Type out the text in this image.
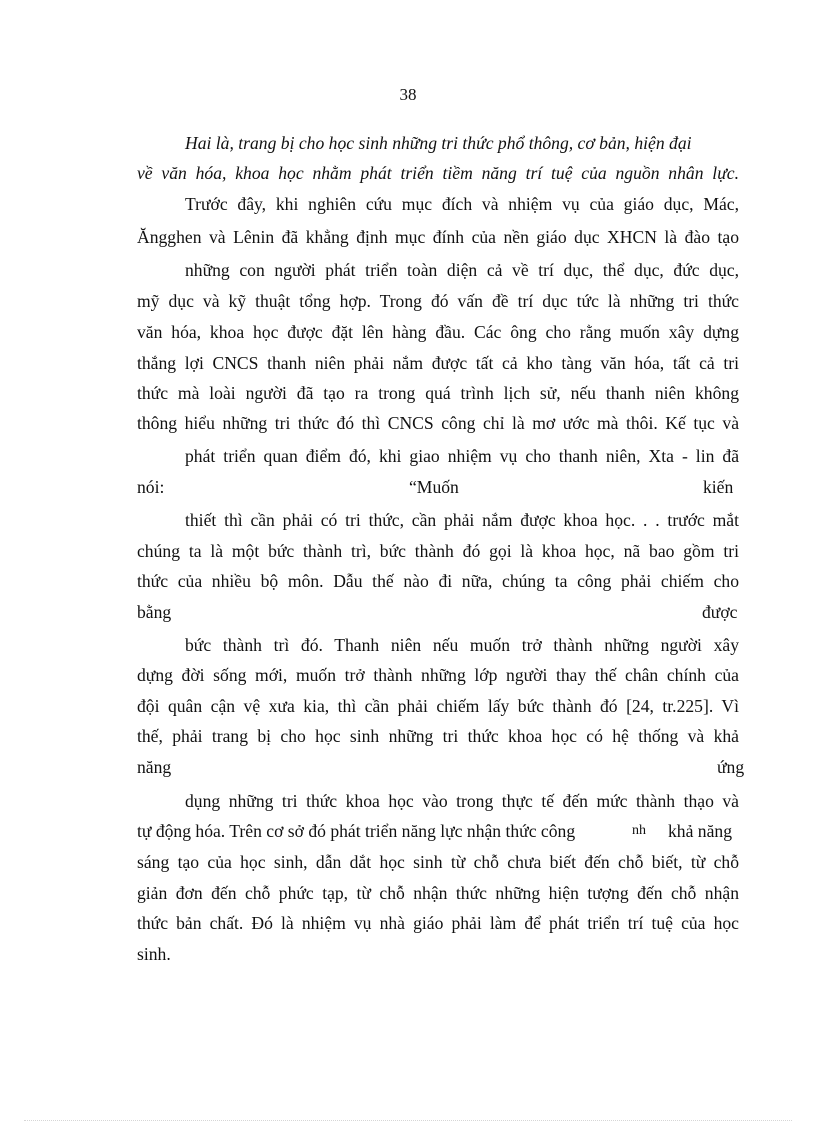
38

Hai là, trang bị cho học sinh những tri thức phổ thông, cơ bản, hiện đại

về văn hóa, khoa học nhằm phát triển tiềm năng trí tuệ của nguồn nhân lực.

Trước đây, khi nghiên cứu mục đích và nhiệm vụ của giáo dục, Mác,

Ăngghen và Lênin đã khẳng định mục đính của nền giáo dục XHCN là đào tạo

những con người phát triển toàn diện cả về trí dục, thể dục, đức dục,

mỹ dục và kỹ thuật tổng hợp. Trong đó vấn đề trí dục tức là những tri thức

văn hóa, khoa học được đặt lên hàng đầu. Các ông cho rằng muốn xây dựng

thắng lợi CNCS thanh niên phải nắm được tất cả kho tàng văn hóa, tất cả tri

thức mà loài người đã tạo ra trong quá trình lịch sử, nếu thanh niên không

thông hiểu những tri thức đó thì CNCS công chỉ là mơ ước mà thôi. Kế tục và

phát triển quan điểm đó, khi giao nhiệm vụ cho thanh niên, Xta - lin đã

nói:	“Muốn	kiến

thiết thì cần phải có tri thức, cần phải nắm được khoa học. . . trước mắt

chúng ta là một bức thành trì, bức thành đó gọi là khoa học, nã bao gồm tri

thức của nhiều bộ môn. Dẫu thế nào đi nữa, chúng ta công phải chiếm cho

bằng	được

bức thành trì đó. Thanh niên nếu muốn trở thành những người xây

dựng đời sống mới, muốn trở thành những lớp người thay thế chân chính của

đội quân cận vệ xưa kia, thì cần phải chiếm lấy bức thành đó [24, tr.225]. Vì

thế, phải trang bị cho học sinh những tri thức khoa học có hệ thống và khả

năng	ứng

dụng những tri thức khoa học vào trong thực tế đến mức thành thạo và

tự động hóa. Trên cơ sở đó phát triển năng lực nhận thức công	nh khả năng

sáng tạo của học sinh, dẫn dắt học sinh từ chỗ chưa biết đến chỗ biết, từ chỗ

giản đơn đến chỗ phức tạp, từ chỗ nhận thức những hiện tượng đến chỗ nhận

thức bản chất. Đó là nhiệm vụ nhà giáo phải làm để phát triển trí tuệ của học

sinh.
